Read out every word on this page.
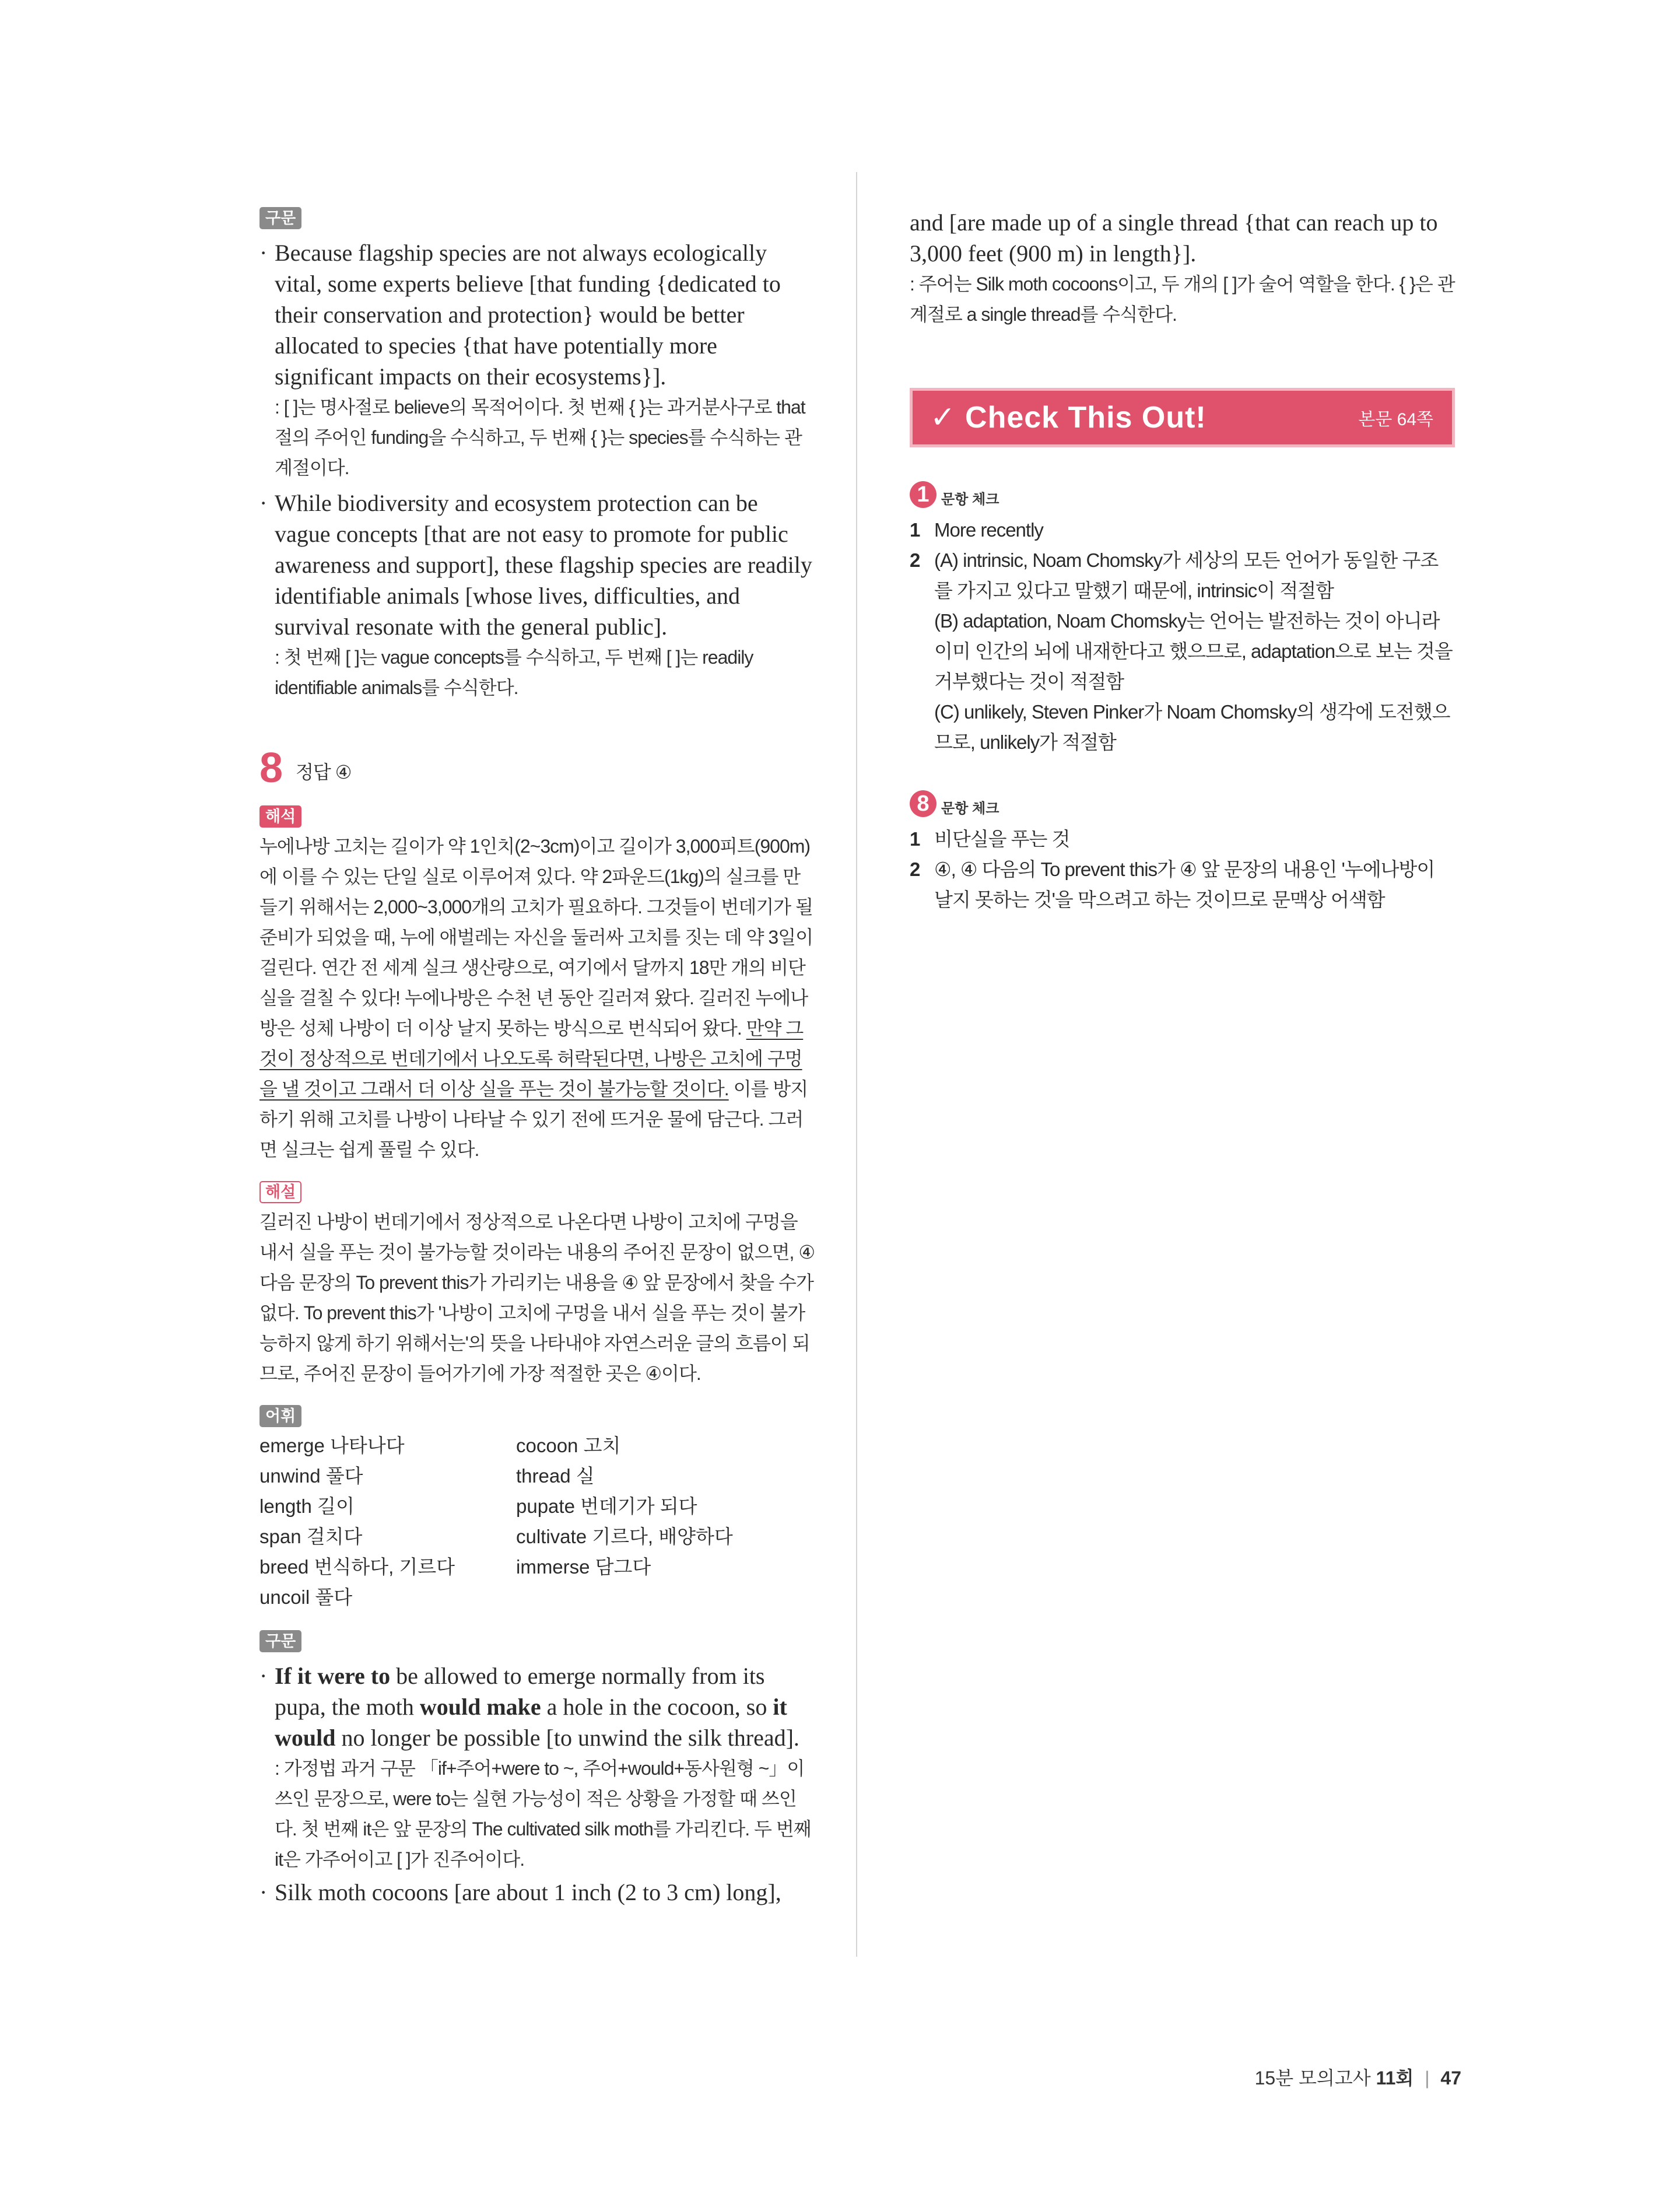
구문
· Because flagship species are not always ecologically vital, some experts believe [that funding {dedicated to their conservation and protection} would be better allocated to species {that have potentially more significant impacts on their ecosystems}].
: [ ]는 명사절로 believe의 목적어이다. 첫 번째 { }는 과거분사구로 that절의 주어인 funding을 수식하고, 두 번째 { }는 species를 수식하는 관계절이다.
· While biodiversity and ecosystem protection can be vague concepts [that are not easy to promote for public awareness and support], these flagship species are readily identifiable animals [whose lives, difficulties, and survival resonate with the general public].
: 첫 번째 [ ]는 vague concepts를 수식하고, 두 번째 [ ]는 readily identifiable animals를 수식한다.
8 정답 ④
해석
누에나방 고치는 길이가 약 1인치(2~3cm)이고 길이가 3,000피트(900m)에 이를 수 있는 단일 실로 이루어져 있다. 약 2파운드(1kg)의 실크를 만들기 위해서는 2,000~3,000개의 고치가 필요하다. 그것들이 번데기가 될 준비가 되었을 때, 누에 애벌레는 자신을 둘러싸 고치를 짓는 데 약 3일이 걸린다. 연간 전 세계 실크 생산량으로, 여기에서 달까지 18만 개의 비단실을 걸칠 수 있다! 누에나방은 수천 년 동안 길러져 왔다. 길러진 누에나방은 성체 나방이 더 이상 날지 못하는 방식으로 번식되어 왔다. 만약 그것이 정상적으로 번데기에서 나오도록 허락된다면, 나방은 고치에 구멍을 낼 것이고 그래서 더 이상 실을 푸는 것이 불가능할 것이다. 이를 방지하기 위해 고치를 나방이 나타날 수 있기 전에 뜨거운 물에 담근다. 그러면 실크는 쉽게 풀릴 수 있다.
해설
길러진 나방이 번데기에서 정상적으로 나온다면 나방이 고치에 구멍을 내서 실을 푸는 것이 불가능할 것이라는 내용의 주어진 문장이 없으면, ④ 다음 문장의 To prevent this가 가리키는 내용을 ④ 앞 문장에서 찾을 수가 없다. To prevent this가 '나방이 고치에 구멍을 내서 실을 푸는 것이 불가능하지 않게 하기 위해서는'의 뜻을 나타내야 자연스러운 글의 흐름이 되므로, 주어진 문장이 들어가기에 가장 적절한 곳은 ④이다.
어휘
emerge 나타나다	cocoon 고치
unwind 풀다	thread 실
length 길이	pupate 번데기가 되다
span 걸치다	cultivate 기르다, 배양하다
breed 번식하다, 기르다	immerse 담그다
uncoil 풀다
구문
· If it were to be allowed to emerge normally from its pupa, the moth would make a hole in the cocoon, so it would no longer be possible [to unwind the silk thread].
: 가정법 과거 구문 「if+주어+were to ~, 주어+would+동사원형 ~」이 쓰인 문장으로, were to는 실현 가능성이 적은 상황을 가정할 때 쓰인다. 첫 번째 it은 앞 문장의 The cultivated silk moth를 가리킨다. 두 번째 it은 가주어이고 [ ]가 진주어이다.
· Silk moth cocoons [are about 1 inch (2 to 3 cm) long],
and [are made up of a single thread {that can reach up to 3,000 feet (900 m) in length}].
: 주어는 Silk moth cocoons이고, 두 개의 [ ]가 술어 역할을 한다. { }은 관계절로 a single thread를 수식한다.
✓ Check This Out!	본문 64쪽
1 문항 체크
1 More recently
2 (A) intrinsic, Noam Chomsky가 세상의 모든 언어가 동일한 구조를 가지고 있다고 말했기 때문에, intrinsic이 적절함
(B) adaptation, Noam Chomsky는 언어는 발전하는 것이 아니라 이미 인간의 뇌에 내재한다고 했으므로, adaptation으로 보는 것을 거부했다는 것이 적절함
(C) unlikely, Steven Pinker가 Noam Chomsky의 생각에 도전했으므로, unlikely가 적절함
8 문항 체크
1 비단실을 푸는 것
2 ④, ④ 다음의 To prevent this가 ④ 앞 문장의 내용인 '누에나방이 날지 못하는 것'을 막으려고 하는 것이므로 문맥상 어색함
15분 모의고사 11회 | 47
